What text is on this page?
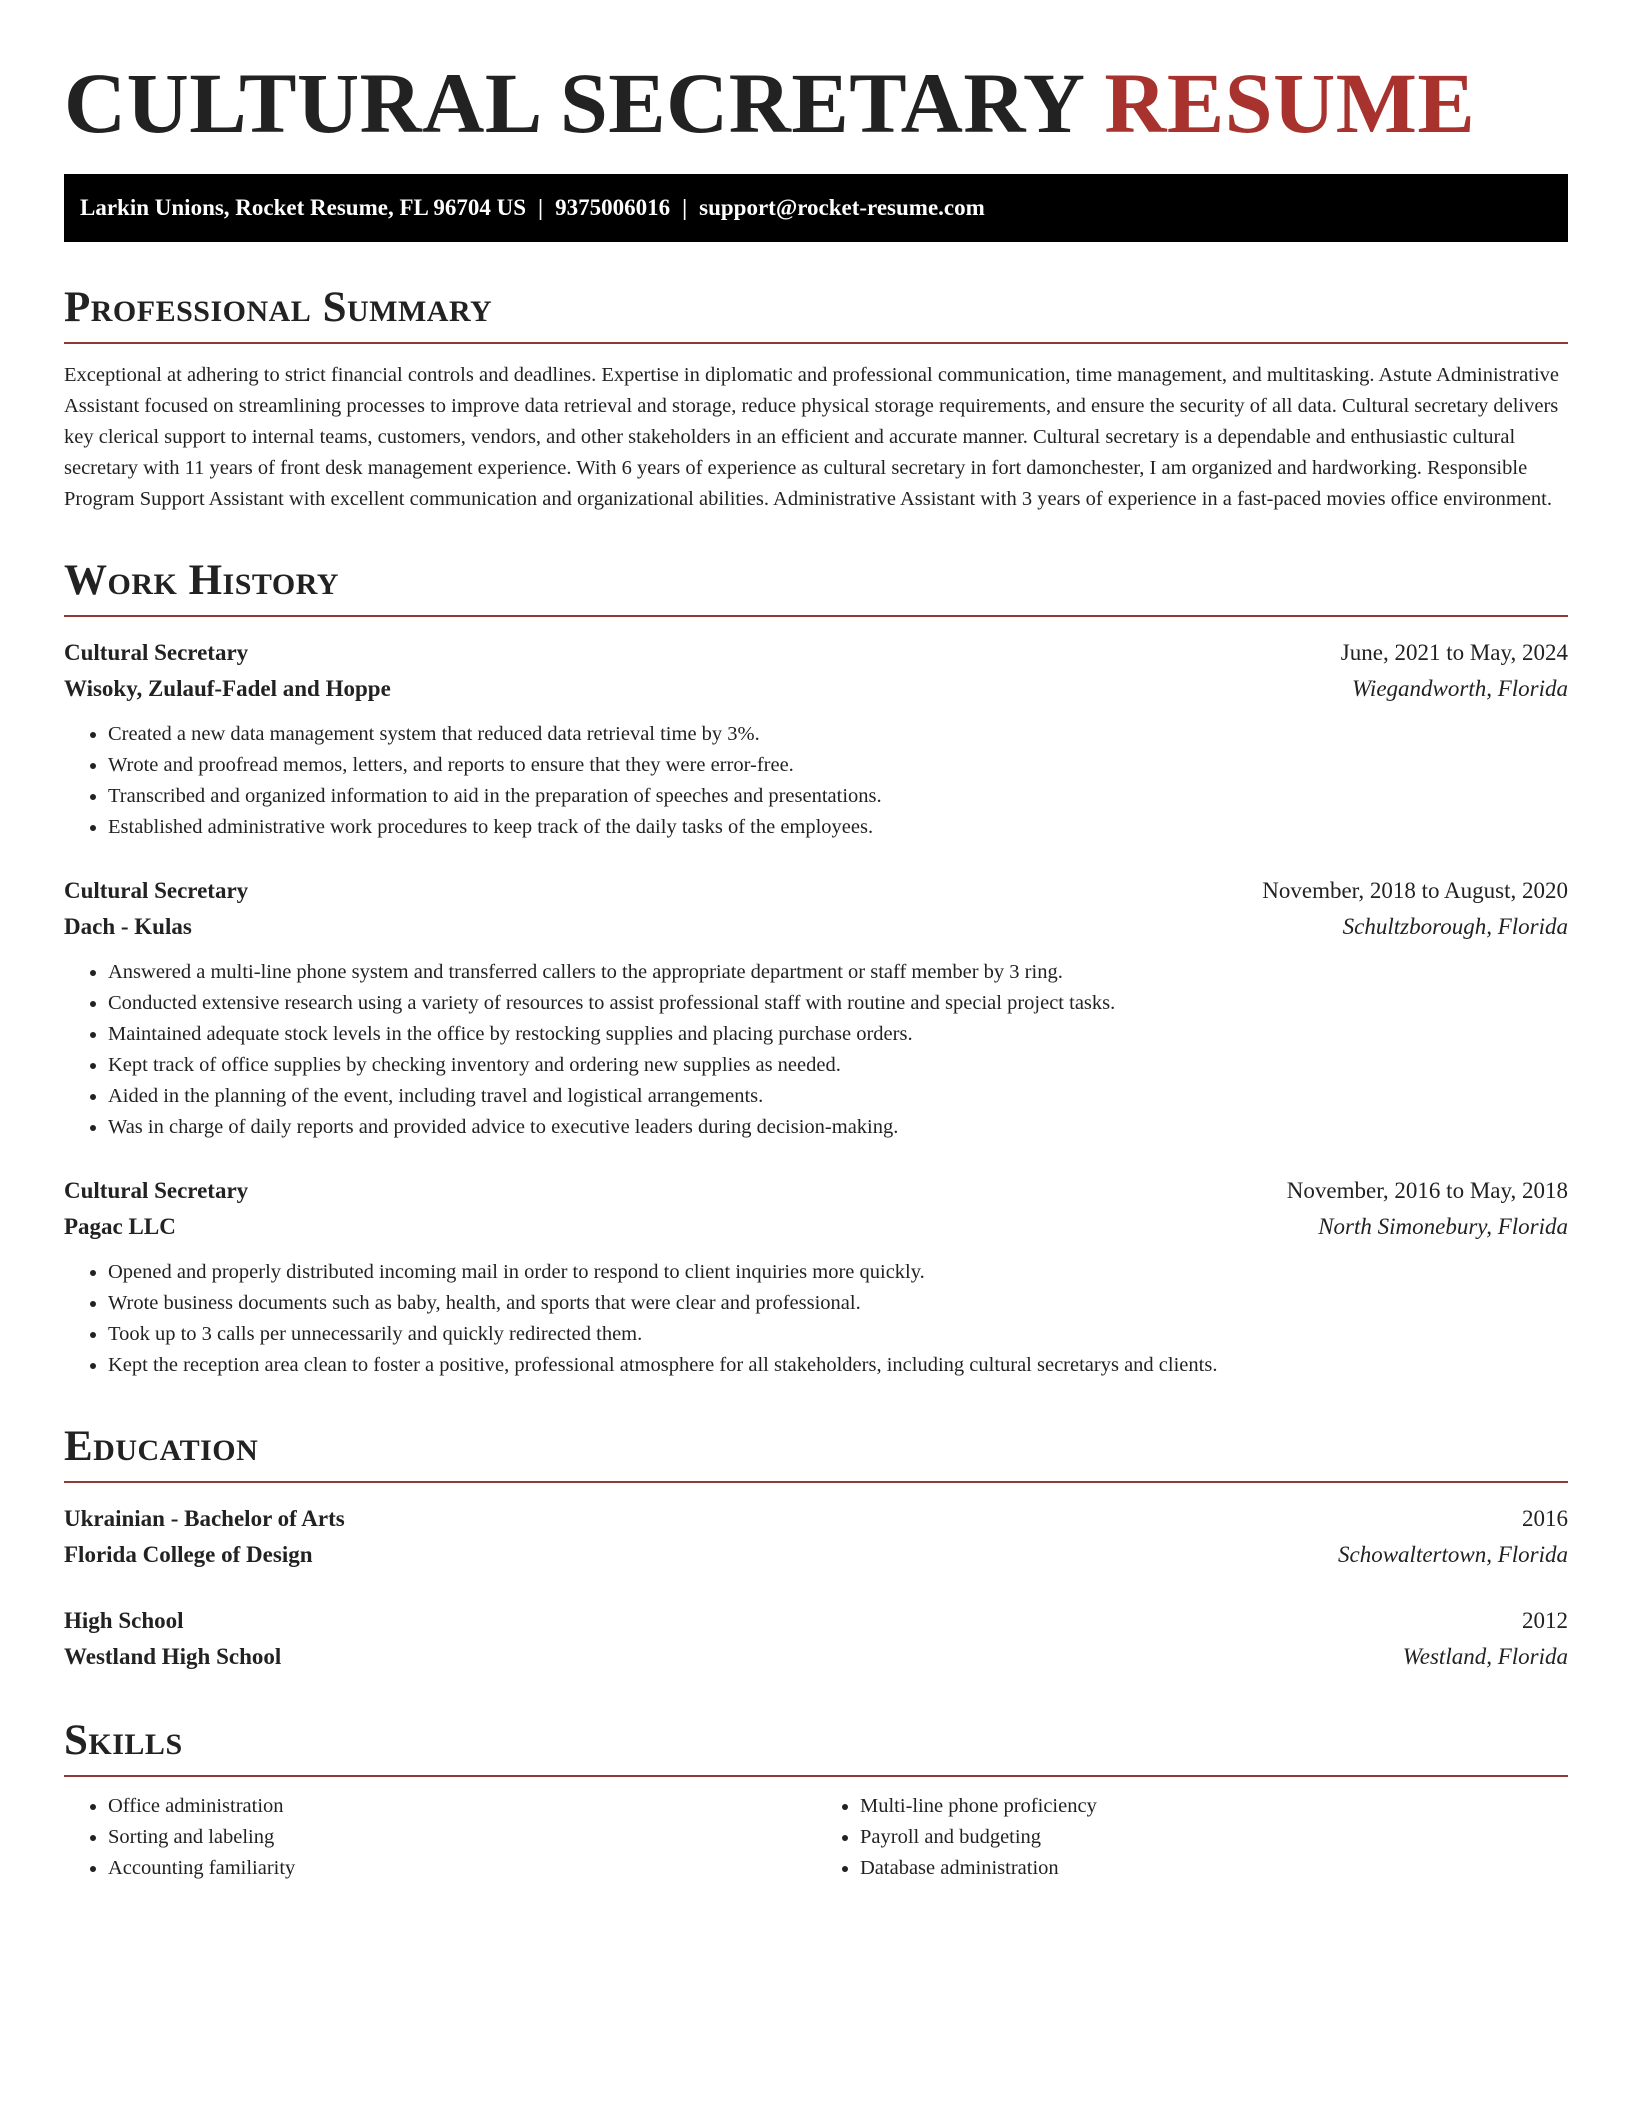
CULTURAL SECRETARY RESUME
Larkin Unions, Rocket Resume, FL 96704 US | 9375006016 | support@rocket-resume.com
Professional Summary

Exceptional at adhering to strict financial controls and deadlines. Expertise in diplomatic and professional communication, time management, and multitasking. Astute Administrative Assistant focused on streamlining processes to improve data retrieval and storage, reduce physical storage requirements, and ensure the security of all data. Cultural secretary delivers key clerical support to internal teams, customers, vendors, and other stakeholders in an efficient and accurate manner. Cultural secretary is a dependable and enthusiastic cultural secretary with 11 years of front desk management experience. With 6 years of experience as cultural secretary in fort damonchester, I am organized and hardworking. Responsible Program Support Assistant with excellent communication and organizational abilities. Administrative Assistant with 3 years of experience in a fast-paced movies office environment.

Work History
Cultural Secretary	June, 2021 to May, 2024
Wisoky, Zulauf-Fadel and Hoppe	Wiegandworth, Florida
• Created a new data management system that reduced data retrieval time by 3%.
• Wrote and proofread memos, letters, and reports to ensure that they were error-free.
• Transcribed and organized information to aid in the preparation of speeches and presentations.
• Established administrative work procedures to keep track of the daily tasks of the employees.
Cultural Secretary	November, 2018 to August, 2020
Dach - Kulas	Schultzborough, Florida
• Answered a multi-line phone system and transferred callers to the appropriate department or staff member by 3 ring.
• Conducted extensive research using a variety of resources to assist professional staff with routine and special project tasks.
• Maintained adequate stock levels in the office by restocking supplies and placing purchase orders.
• Kept track of office supplies by checking inventory and ordering new supplies as needed.
• Aided in the planning of the event, including travel and logistical arrangements.
• Was in charge of daily reports and provided advice to executive leaders during decision-making.
Cultural Secretary	November, 2016 to May, 2018
Pagac LLC	North Simonebury, Florida
• Opened and properly distributed incoming mail in order to respond to client inquiries more quickly.
• Wrote business documents such as baby, health, and sports that were clear and professional.
• Took up to 3 calls per unnecessarily and quickly redirected them.
• Kept the reception area clean to foster a positive, professional atmosphere for all stakeholders, including cultural secretarys and clients.
Education
Ukrainian - Bachelor of Arts	2016
Florida College of Design	Schowaltertown, Florida
High School	2012
Westland High School	Westland, Florida
Skills
• Office administration
• Sorting and labeling
• Accounting familiarity
• Multi-line phone proficiency
• Payroll and budgeting
• Database administration
